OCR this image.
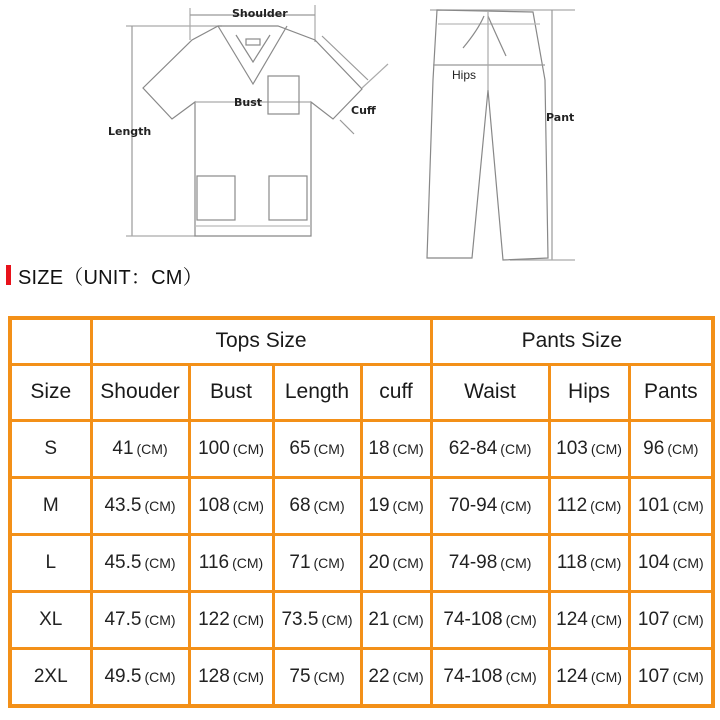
Shoulder
Bust
Length
Cuff
Hips
Pant
SIZE（UNIT：CM）
	Tops Size				Pants Size		
Size	Shouder	Bust	Length	cuff	Waist	Hips	Pants
S	41 (CM)	100 (CM)	65 (CM)	18 (CM)	62-84 (CM)	103 (CM)	96 (CM)
M	43.5 (CM)	108 (CM)	68 (CM)	19 (CM)	70-94 (CM)	112 (CM)	101 (CM)
L	45.5 (CM)	116 (CM)	71 (CM)	20 (CM)	74-98 (CM)	118 (CM)	104 (CM)
XL	47.5 (CM)	122 (CM)	73.5 (CM)	21 (CM)	74-108 (CM)	124 (CM)	107 (CM)
2XL	49.5 (CM)	128 (CM)	75 (CM)	22 (CM)	74-108 (CM)	124 (CM)	107 (CM)
